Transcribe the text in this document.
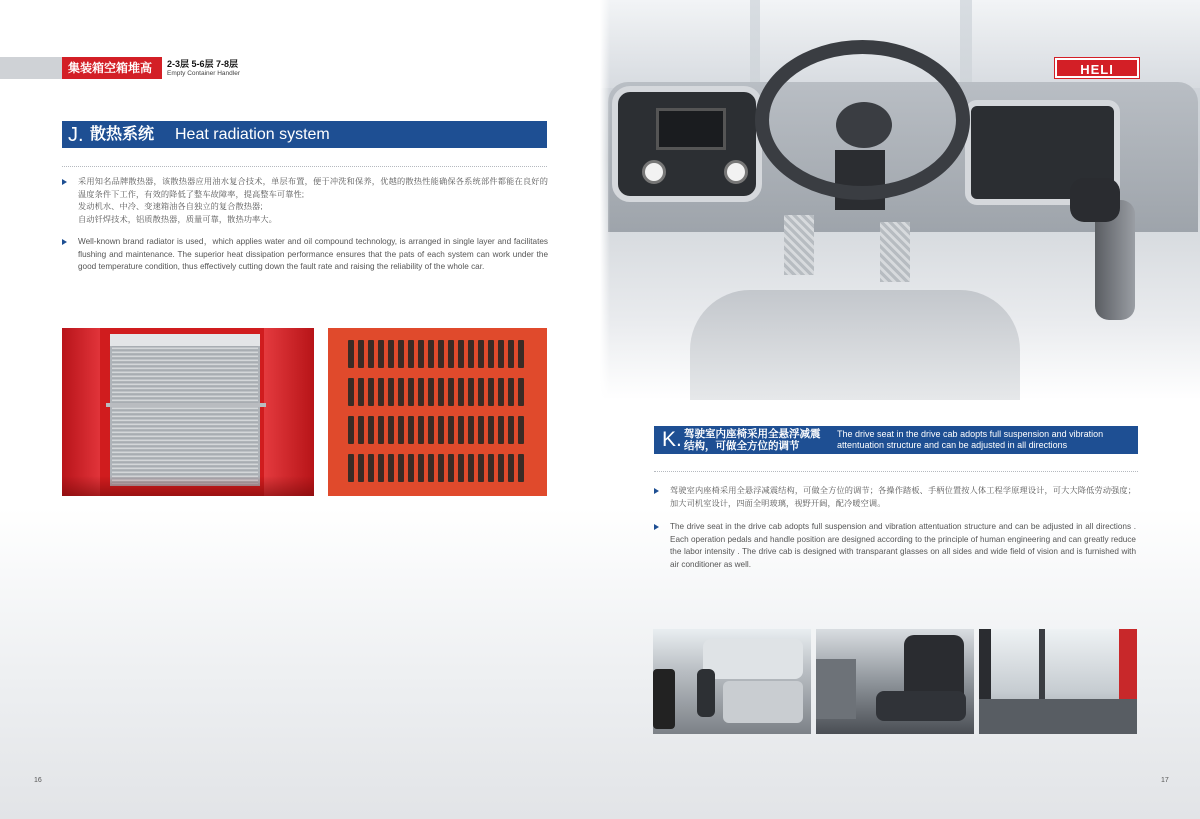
集装箱空箱堆高机
2-3层 5-6层 7-8层
Empty Container Handler
J. 散热系统 Heat radiation system
采用知名品牌散热器，该散热器应用油水复合技术，单层布置，便于冲洗和保养，优越的散热性能确保各系统部件都能在良好的温度条件下工作，有效的降低了整车故障率，提高整车可靠性;
发动机水、中冷、变速箱油各自独立的复合散热器;
自动钎焊技术，铝质散热器，质量可靠，散热功率大。
Well-known brand radiator is used，which applies water and oil compound technology, is arranged in single layer and facilitates flushing and maintenance. The superior heat dissipation performance ensures that the pats of each system can work under the good temperature condition, thus effectively cutting down the fault rate and raising the reliability of the whole car.
16
HELI
K. 驾驶室内座椅采用全悬浮减震
结构，可做全方位的调节
The drive seat in the drive cab adopts full suspension and vibration attentuation structure and can be adjusted in all directions
驾驶室内座椅采用全悬浮减震结构，可做全方位的调节；各操作踏板、手柄位置按人体工程学原理设计，可大大降低劳动强度；加大司机室设计，四面全明玻璃，视野开阔，配冷暖空调。
The drive seat in the drive cab adopts full suspension and vibration attentuation structure and can be adjusted in all directions . Each operation pedals and handle position are designed according to the principle of human engineering and can greatly reduce the labor intensity . The drive cab is designed with transparant glasses on all sides and wide field of vision and is furnished with air conditioner as well.
17
